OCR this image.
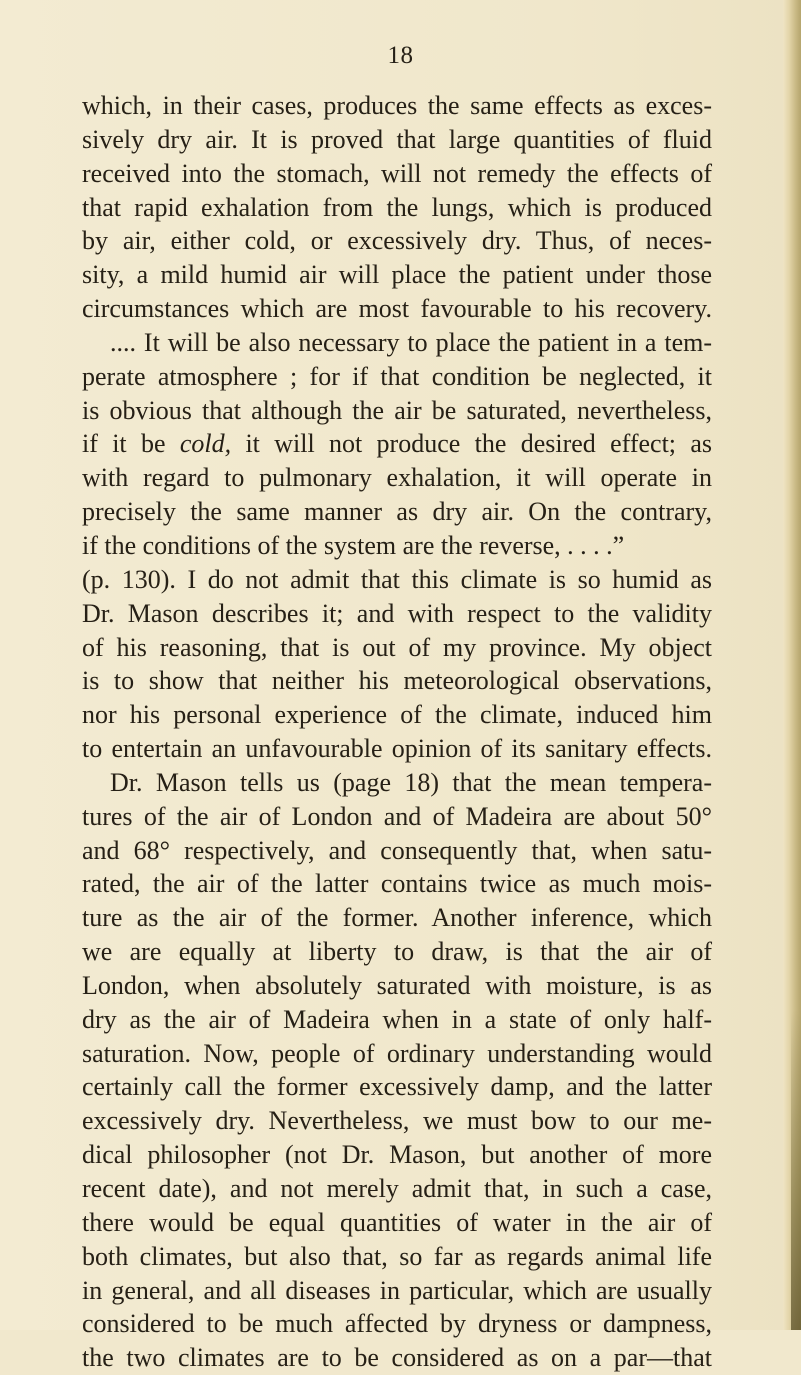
18
which, in their cases, produces the same effects as exces-
sively dry air. It is proved that large quantities of fluid
received into the stomach, will not remedy the effects of
that rapid exhalation from the lungs, which is produced
by air, either cold, or excessively dry. Thus, of neces-
sity, a mild humid air will place the patient under those
circumstances which are most favourable to his recovery.
.... It will be also necessary to place the patient in a tem-
perate atmosphere ; for if that condition be neglected, it
is obvious that although the air be saturated, nevertheless,
if it be cold, it will not produce the desired effect; as
with regard to pulmonary exhalation, it will operate in
precisely the same manner as dry air. On the contrary,
if the conditions of the system are the reverse, . . . .”
(p. 130). I do not admit that this climate is so humid as
Dr. Mason describes it; and with respect to the validity
of his reasoning, that is out of my province. My object
is to show that neither his meteorological observations,
nor his personal experience of the climate, induced him
to entertain an unfavourable opinion of its sanitary effects.
Dr. Mason tells us (page 18) that the mean tempera-
tures of the air of London and of Madeira are about 50°
and 68° respectively, and consequently that, when satu-
rated, the air of the latter contains twice as much mois-
ture as the air of the former. Another inference, which
we are equally at liberty to draw, is that the air of
London, when absolutely saturated with moisture, is as
dry as the air of Madeira when in a state of only half-
saturation. Now, people of ordinary understanding would
certainly call the former excessively damp, and the latter
excessively dry. Nevertheless, we must bow to our me-
dical philosopher (not Dr. Mason, but another of more
recent date), and not merely admit that, in such a case,
there would be equal quantities of water in the air of
both climates, but also that, so far as regards animal life
in general, and all diseases in particular, which are usually
considered to be much affected by dryness or dampness,
the two climates are to be considered as on a par—that
